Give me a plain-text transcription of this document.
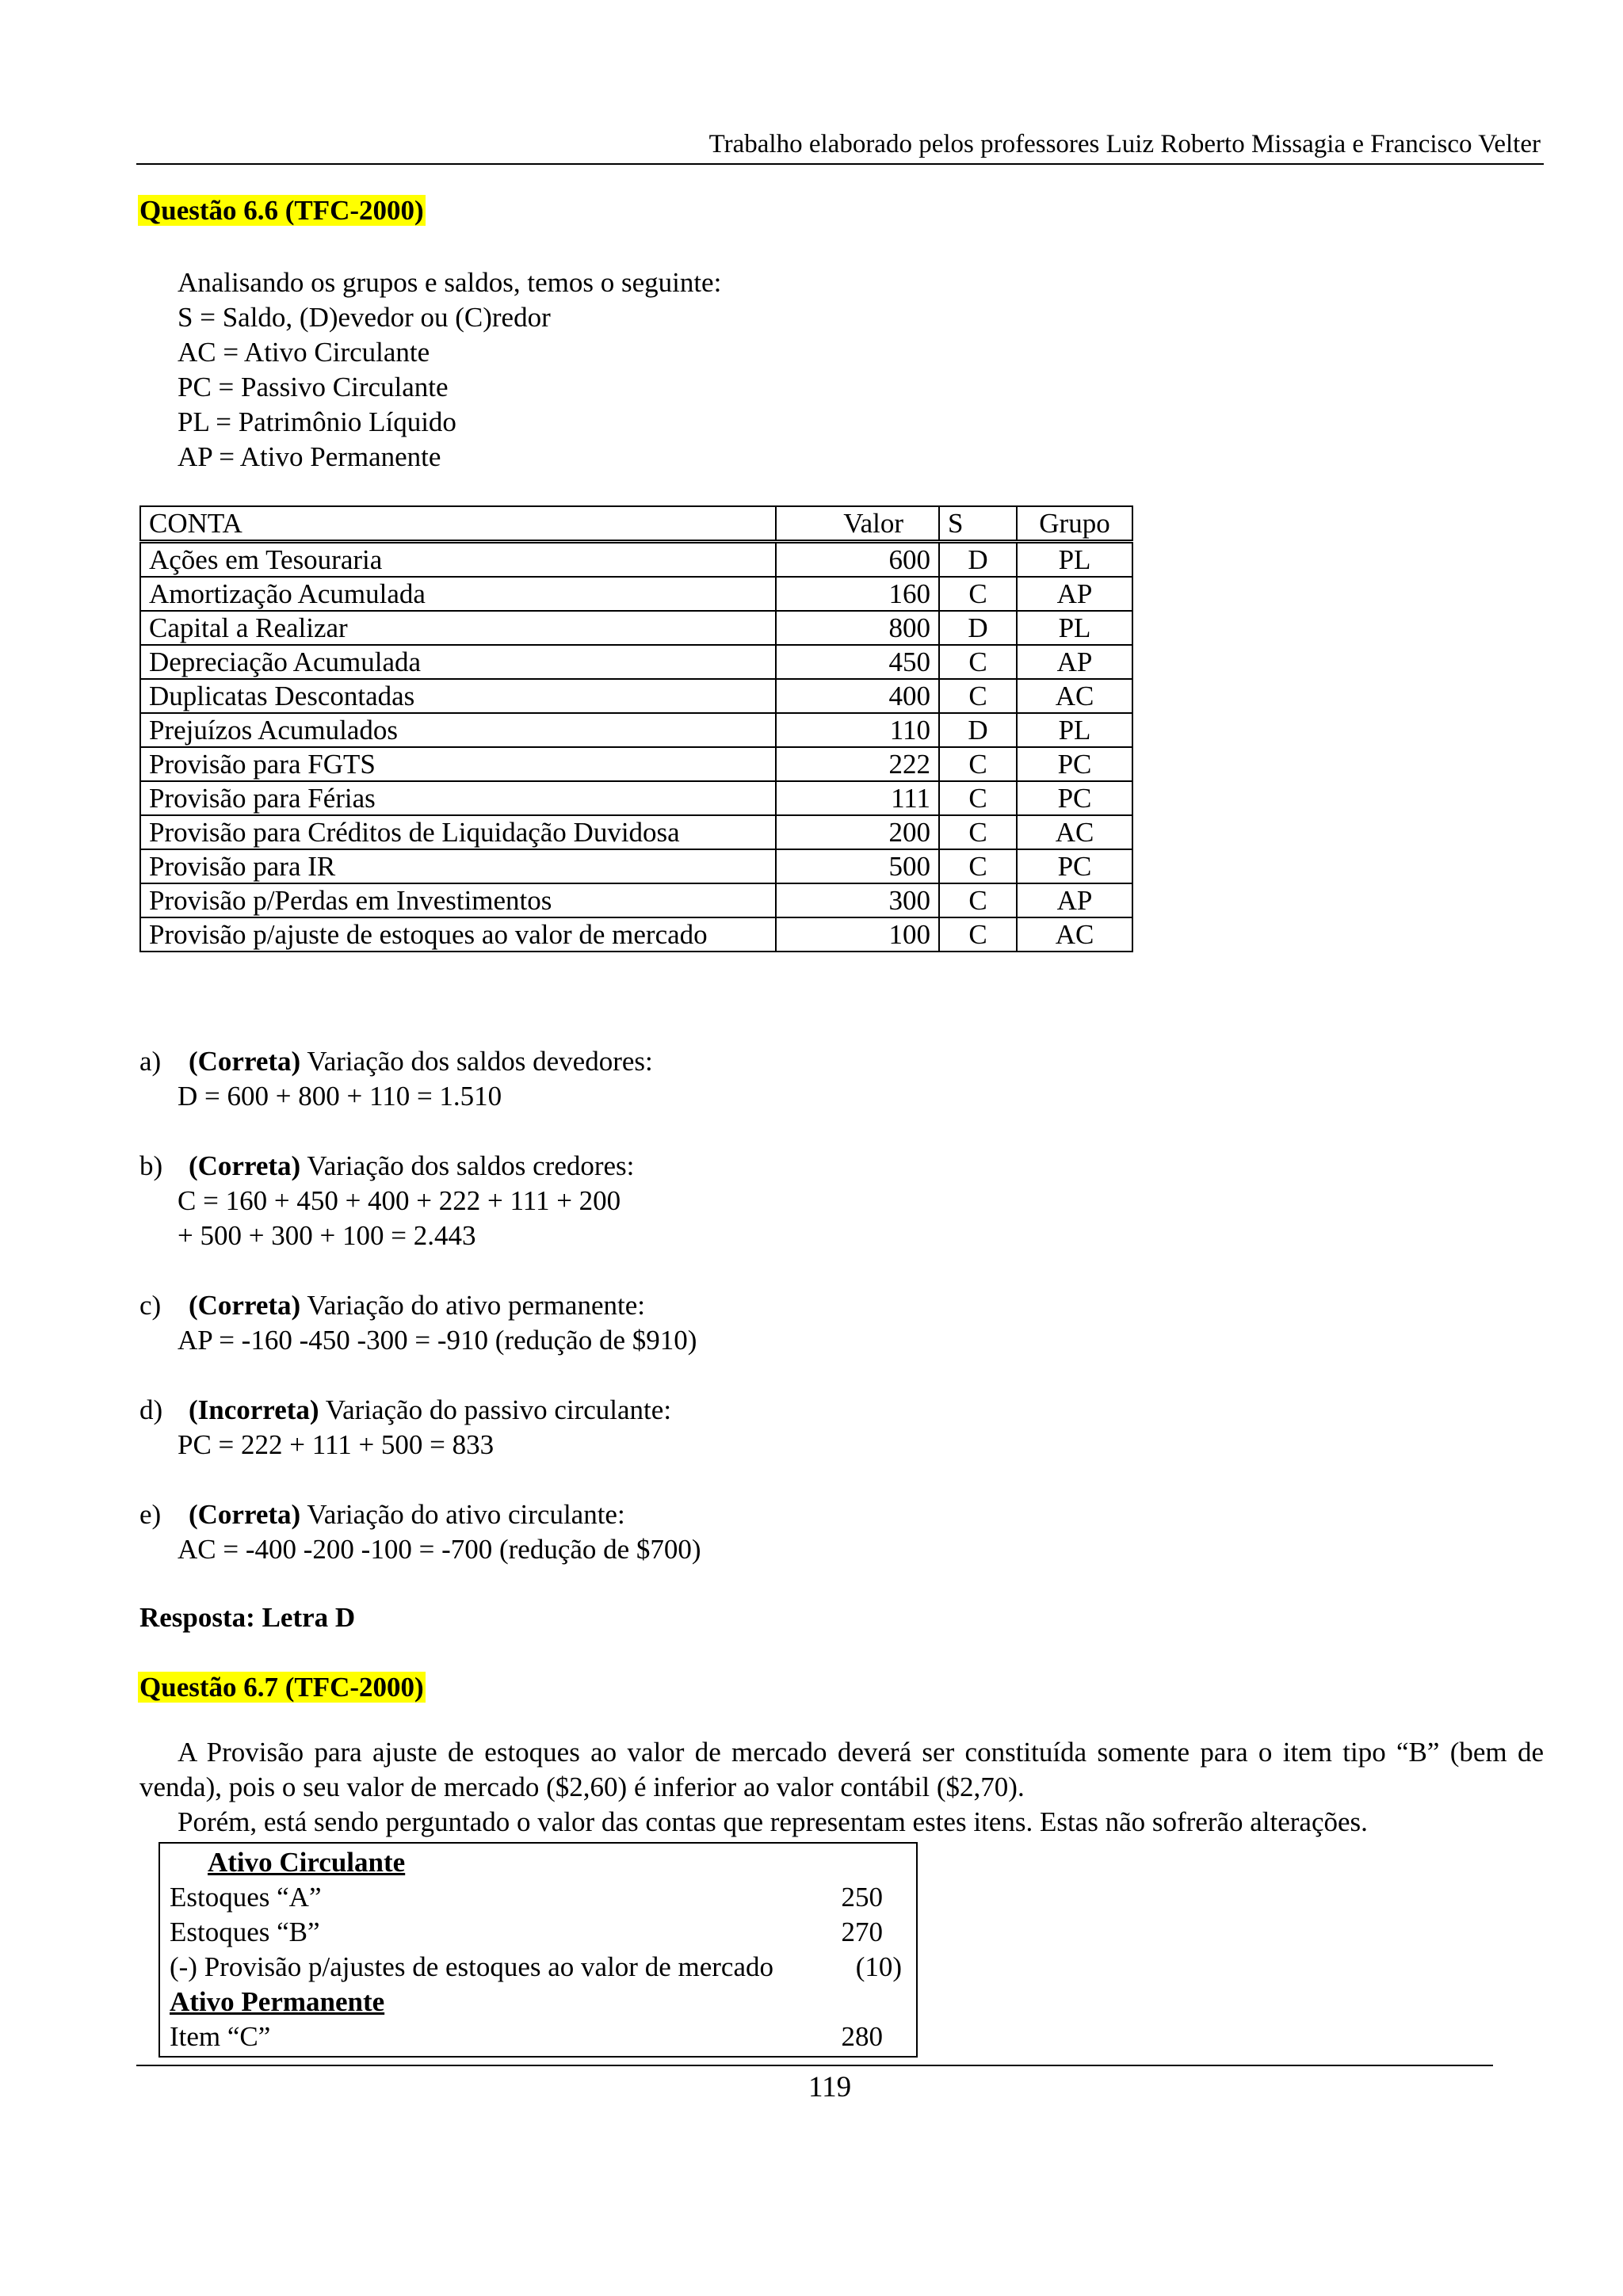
Trabalho elaborado pelos professores Luiz Roberto Missagia e Francisco Velter
Questão 6.6 (TFC-2000)
Analisando os grupos e saldos, temos o seguinte:
S = Saldo, (D)evedor ou (C)redor
AC = Ativo Circulante
PC = Passivo Circulante
PL = Patrimônio Líquido
AP = Ativo Permanente
CONTA	Valor	S	Grupo
Ações em Tesouraria	600	D	PL
Amortização Acumulada	160	C	AP
Capital a Realizar	800	D	PL
Depreciação Acumulada	450	C	AP
Duplicatas Descontadas	400	C	AC
Prejuízos Acumulados	110	D	PL
Provisão para FGTS	222	C	PC
Provisão para Férias	111	C	PC
Provisão para Créditos de Liquidação Duvidosa	200	C	AC
Provisão para IR	500	C	PC
Provisão p/Perdas em Investimentos	300	C	AP
Provisão p/ajuste de estoques ao valor de mercado	100	C	AC
a) (Correta) Variação dos saldos devedores:
D = 600 + 800 + 110 = 1.510
b) (Correta) Variação dos saldos credores:
C = 160 + 450 + 400 + 222 + 111 + 200
+ 500 + 300 + 100 = 2.443
c) (Correta) Variação do ativo permanente:
AP = -160 -450 -300 = -910 (redução de $910)
d) (Incorreta) Variação do passivo circulante:
PC = 222 + 111 + 500 = 833
e) (Correta) Variação do ativo circulante:
AC = -400 -200 -100 = -700 (redução de $700)
Resposta: Letra D
Questão 6.7 (TFC-2000)

A Provisão para ajuste de estoques ao valor de mercado deverá ser constituída somente para o item tipo “B” (bem de venda), pois o seu valor de mercado ($2,60) é inferior ao valor contábil ($2,70).

Porém, está sendo perguntado o valor das contas que representam estes itens. Estas não sofrerão alterações.

Ativo Circulante
Estoques “A”	250
Estoques “B”	270
(-) Provisão p/ajustes de estoques ao valor de mercado	(10)
Ativo Permanente
Item “C”	280
119
